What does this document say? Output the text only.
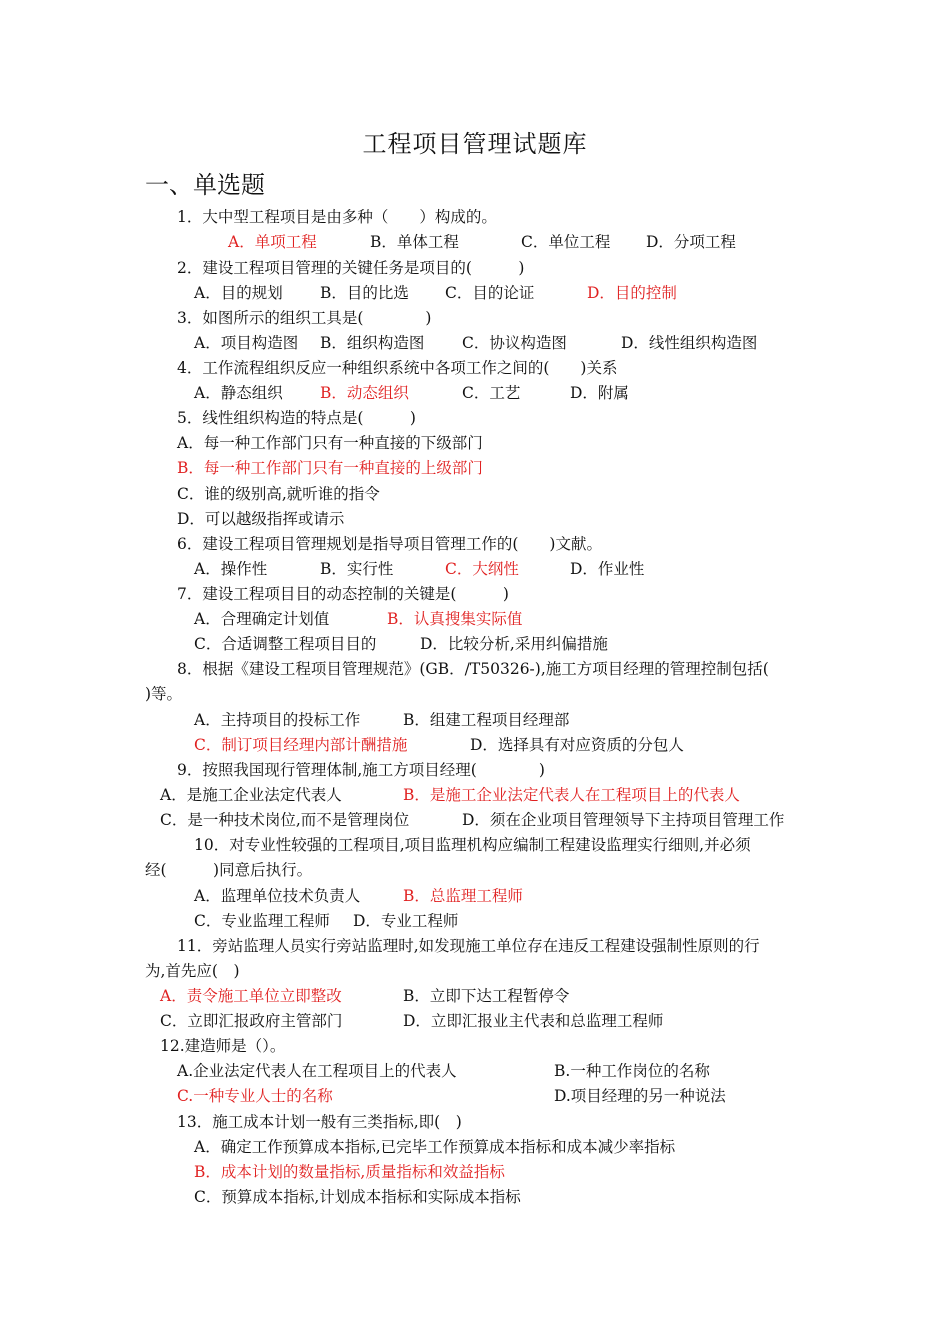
工程项目管理试题库
一、单选题
1．大中型工程项目是由多种（　　）构成的。
A．单项工程	B．单体工程	C．单位工程 D．分项工程
2．建设工程项目管理的关键任务是项目的(　　　)
A．目的规划 B．目的比选 C．目的论证	D．目的控制
3．如图所示的组织工具是(　　　　)
A．项目构造图 B．组织构造图 C．协议构造图	D．线性组织构造图
4．工作流程组织反应一种组织系统中各项工作之间的(　　)关系
A．静态组织 B．动态组织	C．工艺	D．附属
5．线性组织构造的特点是(　　　)
A．每一种工作部门只有一种直接的下级部门
B．每一种工作部门只有一种直接的上级部门
C．谁的级别高,就听谁的指令
D．可以越级指挥或请示
6．建设工程项目管理规划是指导项目管理工作的(　　)文献。
A．操作性	B．实行性	C．大纲性	D．作业性
7．建设工程项目目的动态控制的关键是(　　　)
A．合理确定计划值	B．认真搜集实际值
C．合适调整工程项目目的	D．比较分析,采用纠偏措施
8．根据《建设工程项目管理规范》(GB．/T50326-),施工方项目经理的管理控制包括(
)等。
A．主持项目的投标工作	B．组建工程项目经理部
C．制订项目经理内部计酬措施	D．选择具有对应资质的分包人
9．按照我国现行管理体制,施工方项目经理(　　　　)
A．是施工企业法定代表人	B．是施工企业法定代表人在工程项目上的代表人
C．是一种技术岗位,而不是管理岗位	D．须在企业项目管理领导下主持项目管理工作
10．对专业性较强的工程项目,项目监理机构应编制工程建设监理实行细则,并必须
经(　　　)同意后执行。
A．监理单位技术负责人	B．总监理工程师
C．专业监理工程师 D．专业工程师
11．旁站监理人员实行旁站监理时,如发现施工单位存在违反工程建设强制性原则的行
为,首先应(　)
A．责令施工单位立即整改	B．立即下达工程暂停令
C．立即汇报政府主管部门	D．立即汇报业主代表和总监理工程师
12.建造师是（）。
A.企业法定代表人在工程项目上的代表人	B.一种工作岗位的名称
C.一种专业人士的名称	D.项目经理的另一种说法
13．施工成本计划一般有三类指标,即(　)
A．确定工作预算成本指标,已完毕工作预算成本指标和成本减少率指标
B．成本计划的数量指标,质量指标和效益指标
C．预算成本指标,计划成本指标和实际成本指标
